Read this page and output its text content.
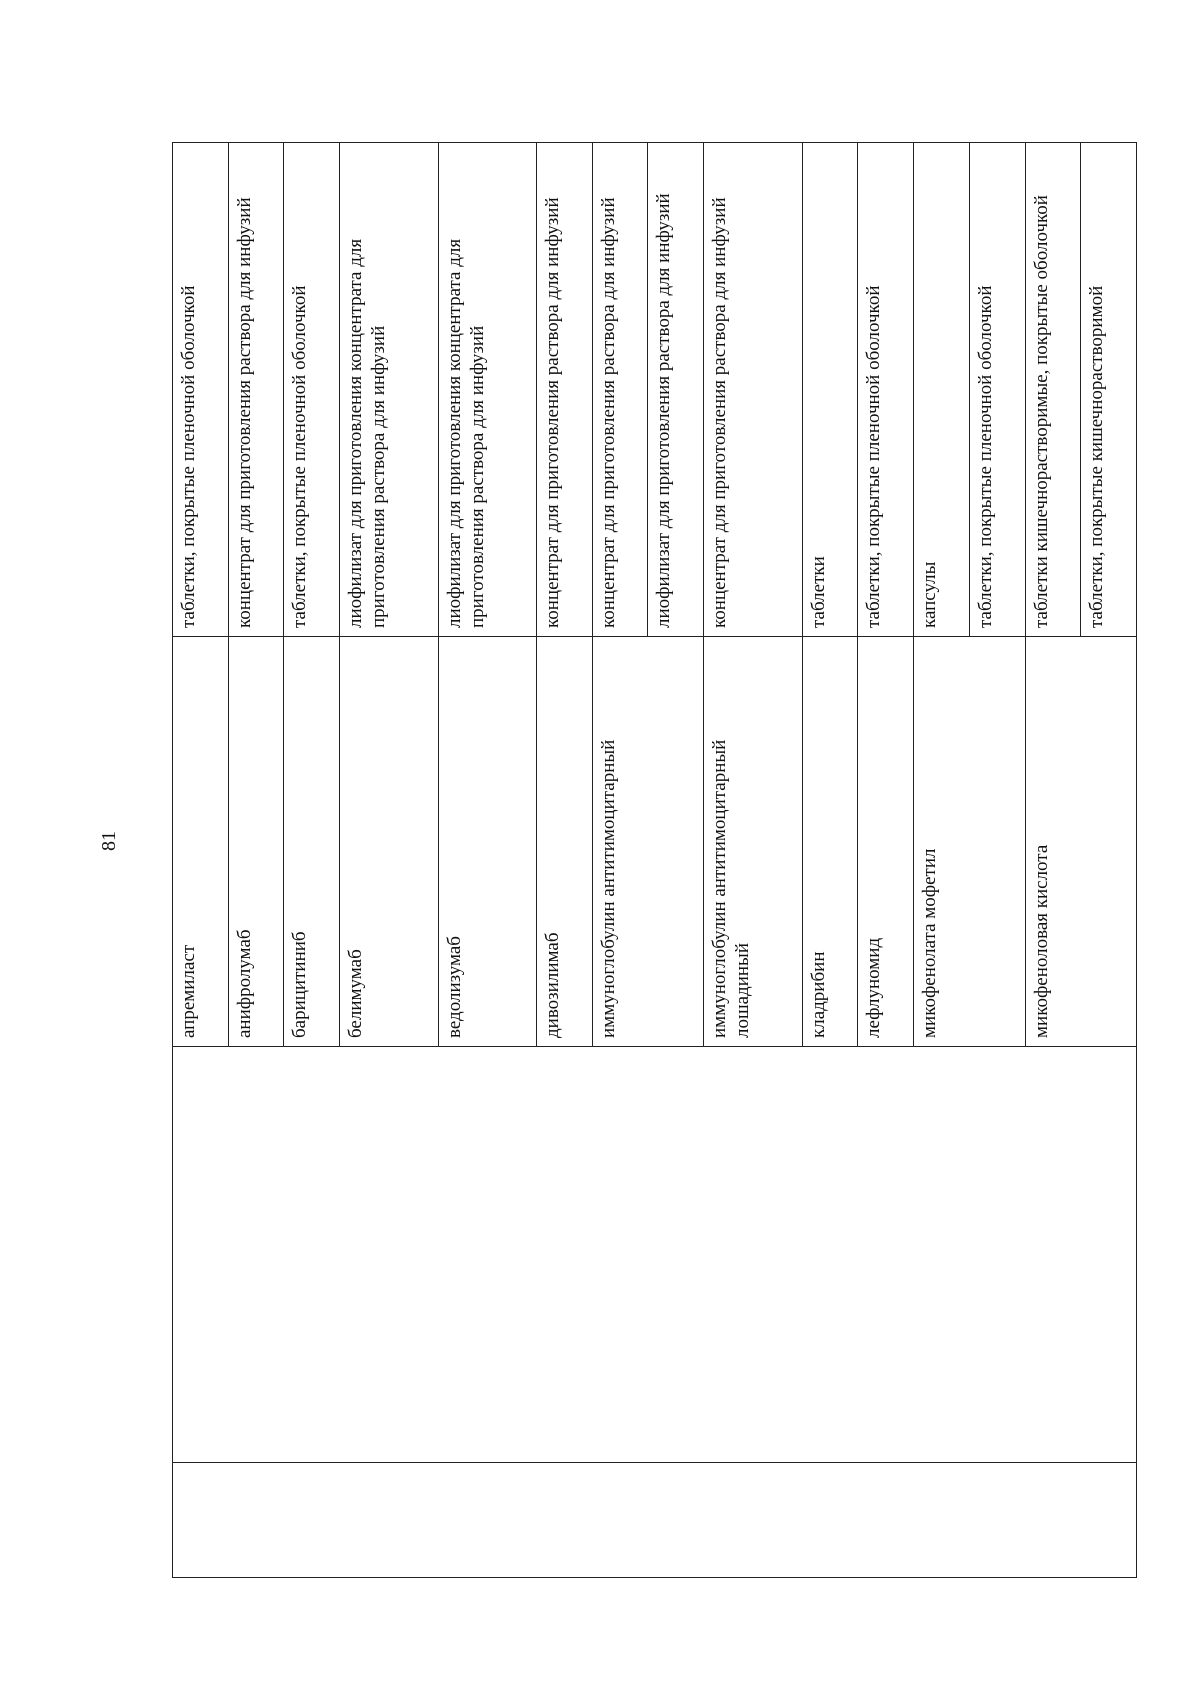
81
		апремиласт	таблетки, покрытые пленочной оболочкой
		анифролумаб	концентрат для приготовления раствора для инфузий
		барицитиниб	таблетки, покрытые пленочной оболочкой
		белимумаб	лиофилизат для приготовления концентрата для приготовления раствора для инфузий
		ведолизумаб	лиофилизат для приготовления концентрата для приготовления раствора для инфузий
		дивозилимаб	концентрат для приготовления раствора для инфузий
		иммуноглобулин антитимоцитарный	концентрат для приготовления раствора для инфузий
			лиофилизат для приготовления раствора для инфузий
		иммуноглобулин антитимоцитарный лошадиный	концентрат для приготовления раствора для инфузий
		кладрибин	таблетки
		лефлуномид	таблетки, покрытые пленочной оболочкой
		микофенолата мофетил	капсулы
			таблетки, покрытые пленочной оболочкой
		микофеноловая кислота	таблетки кишечнорастворимые, покрытые оболочкой
			таблетки, покрытые кишечнорастворимой
